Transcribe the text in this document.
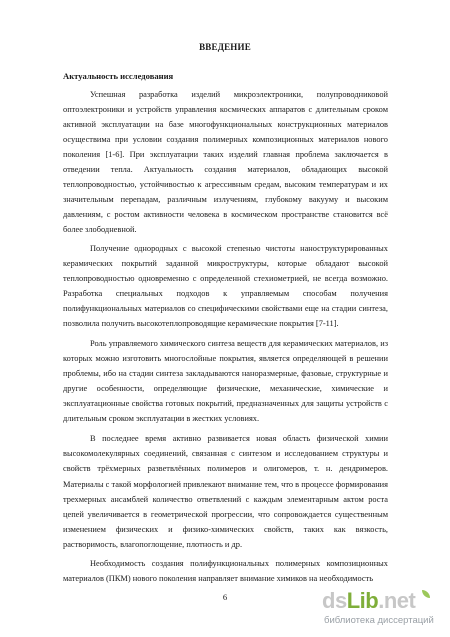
ВВЕДЕНИЕ
Актуальность исследования
Успешная разработка изделий микроэлектроники, полупроводниковой
оптоэлектроники и устройств управления космических аппаратов с длительным сроком
активной эксплуатации на базе многофункциональных конструкционных материалов
осуществима при условии создания полимерных композиционных материалов нового
поколения [1-6]. При эксплуатации таких изделий главная проблема заключается в
отведении тепла. Актуальность создания материалов, обладающих высокой
теплопроводностью, устойчивостью к агрессивным средам, высоким температурам и их
значительным перепадам, различным излучениям, глубокому вакууму и высоким
давлениям, с ростом активности человека в космическом пространстве становится всё
более злободневной.
Получение однородных с высокой степенью чистоты наноструктурированных
керамических покрытий заданной микроструктуры, которые обладают высокой
теплопроводностью одновременно с определенной стехиометрией, не всегда возможно.
Разработка специальных подходов к управляемым способам получения
полифункциональных материалов со специфическими свойствами еще на стадии синтеза,
позволила получить высокотеплопроводящие керамические покрытия [7-11].
Роль управляемого химического синтеза веществ для керамических материалов, из
которых можно изготовить многослойные покрытия, является определяющей в решении
проблемы, ибо на стадии синтеза закладываются наноразмерные, фазовые, структурные и
другие особенности, определяющие физические, механические, химические и
эксплуатационные свойства готовых покрытий, предназначенных для защиты устройств с
длительным сроком эксплуатации в жестких условиях.
В последнее время активно развивается новая область физической химии
высокомолекулярных соединений, связанная с синтезом и исследованием структуры и
свойств трёхмерных разветвлённых полимеров и олигомеров, т. н. дендримеров.
Материалы с такой морфологией привлекают внимание тем, что в процессе формирования
трехмерных ансамблей количество ответвлений с каждым элементарным актом роста
цепей увеличивается в геометрической прогрессии, что сопровождается существенным
изменением физических и физико-химических свойств, таких как вязкость,
растворимость, влагопоглощение, плотность и др.
Необходимость создания полифункциональных полимерных композиционных
материалов (ПКМ) нового поколения направляет внимание химиков на необходимость
6	dsLib.net
библиотека диссертаций
